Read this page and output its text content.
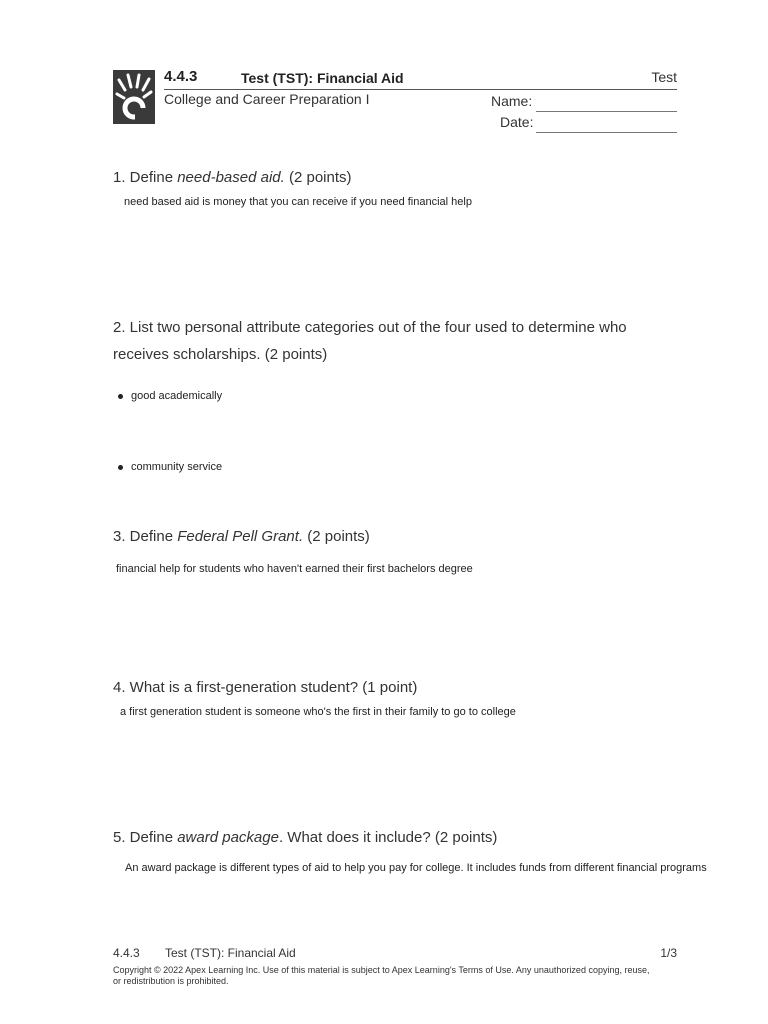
4.4.3	Test (TST): Financial Aid	Test
College and Career Preparation I	Name:
Date:
1. Define need-based aid. (2 points)
need based aid is money that you can receive if you need financial help
2. List two personal attribute categories out of the four used to determine who receives scholarships. (2 points)
good academically
community service
3. Define Federal Pell Grant. (2 points)
financial help for students who haven't earned their first bachelors degree
4. What is a first-generation student? (1 point)
a first generation student is someone who's the first in their family to go to college
5. Define award package. What does it include? (2 points)
An award package is different types of aid to help you pay for college. It includes funds from different financial programs
4.4.3 Test (TST): Financial Aid	1/3
Copyright © 2022 Apex Learning Inc. Use of this material is subject to Apex Learning's Terms of Use. Any unauthorized copying, reuse, or redistribution is prohibited.
